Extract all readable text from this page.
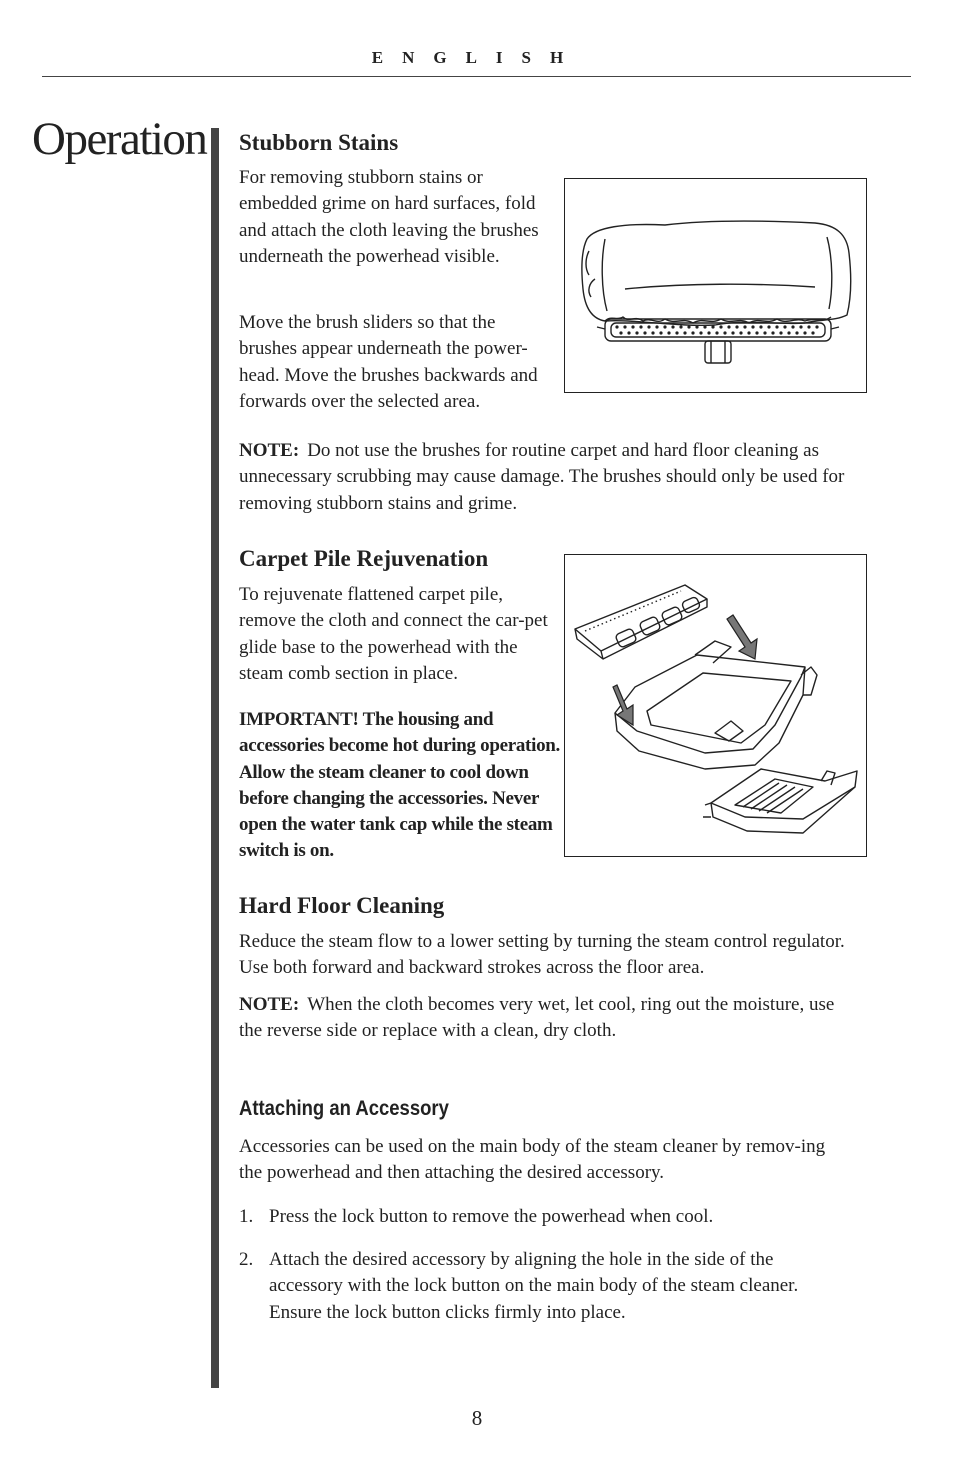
ENGLISH
Operation Stubborn Stains

For removing stubborn stains or embedded grime on hard surfaces, fold and attach the cloth leaving the brushes underneath the powerhead visible.

Move the brush sliders so that the brushes appear underneath the power-head. Move the brushes backwards and forwards over the selected area.

NOTE: Do not use the brushes for routine carpet and hard floor cleaning as unnecessary scrubbing may cause damage. The brushes should only be used for removing stubborn stains and grime.

Carpet Pile Rejuvenation

To rejuvenate flattened carpet pile, remove the cloth and connect the car-pet glide base to the powerhead with the steam comb section in place.

IMPORTANT! The housing and accessories become hot during operation. Allow the steam cleaner to cool down before changing the accessories. Never open the water tank cap while the steam switch is on.

Hard Floor Cleaning

Reduce the steam flow to a lower setting by turning the steam control regulator. Use both forward and backward strokes across the floor area.

NOTE: When the cloth becomes very wet, let cool, ring out the moisture, use the reverse side or replace with a clean, dry cloth.

Attaching an Accessory

Accessories can be used on the main body of the steam cleaner by remov-ing the powerhead and then attaching the desired accessory.

1. Press the lock button to remove the powerhead when cool.

2. Attach the desired accessory by aligning the hole in the side of the accessory with the lock button on the main body of the steam cleaner. Ensure the lock button clicks firmly into place.

8
